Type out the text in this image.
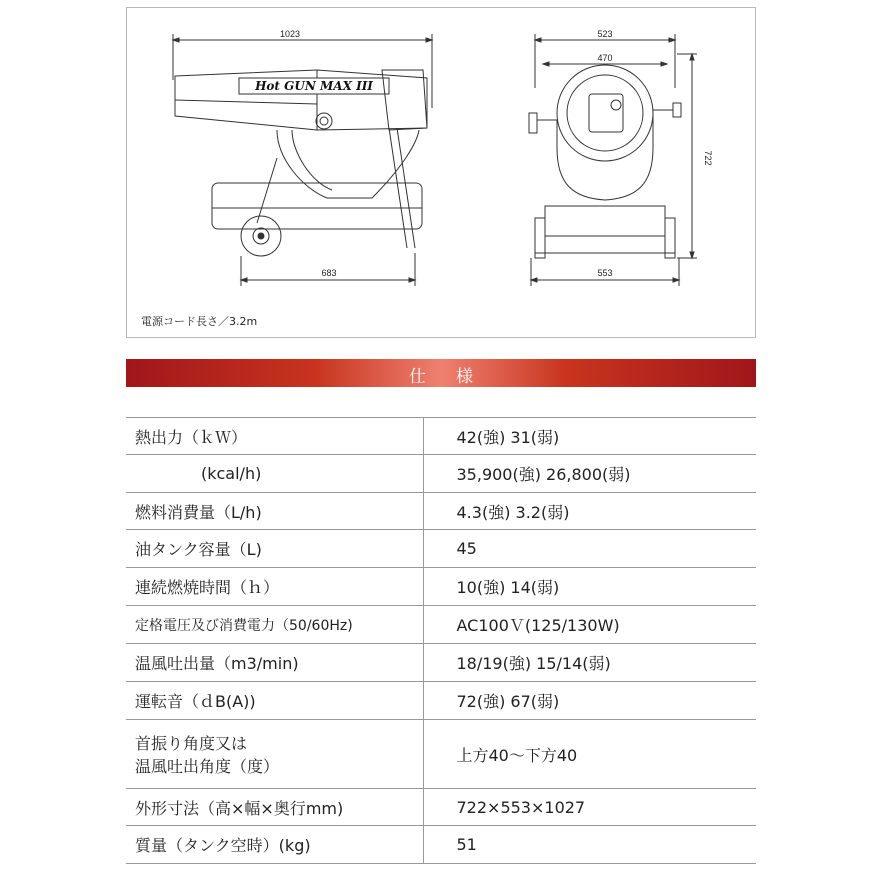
1023
683
523
470
722
553
Hot GUN MAX III
電源コード長さ／3.2m
仕様
熱出力（ｋＷ）	42(強) 31(弱)
(kcal/h)	35,900(強) 26,800(弱)
燃料消費量（L/h)	4.3(強) 3.2(弱)
油タンク容量（L)	45
連続燃焼時間（ｈ）	10(強) 14(弱)
定格電圧及び消費電力（50/60Hz)	AC100Ｖ(125/130W)
温風吐出量（m3/min)	18/19(強) 15/14(弱)
運転音（ｄB(A))	72(強) 67(弱)

首振り角度又は
温風吐出角度（度）	上方40〜下方40
外形寸法（高×幅×奥行mm)	722×553×1027
質量（タンク空時）(kg)	51
